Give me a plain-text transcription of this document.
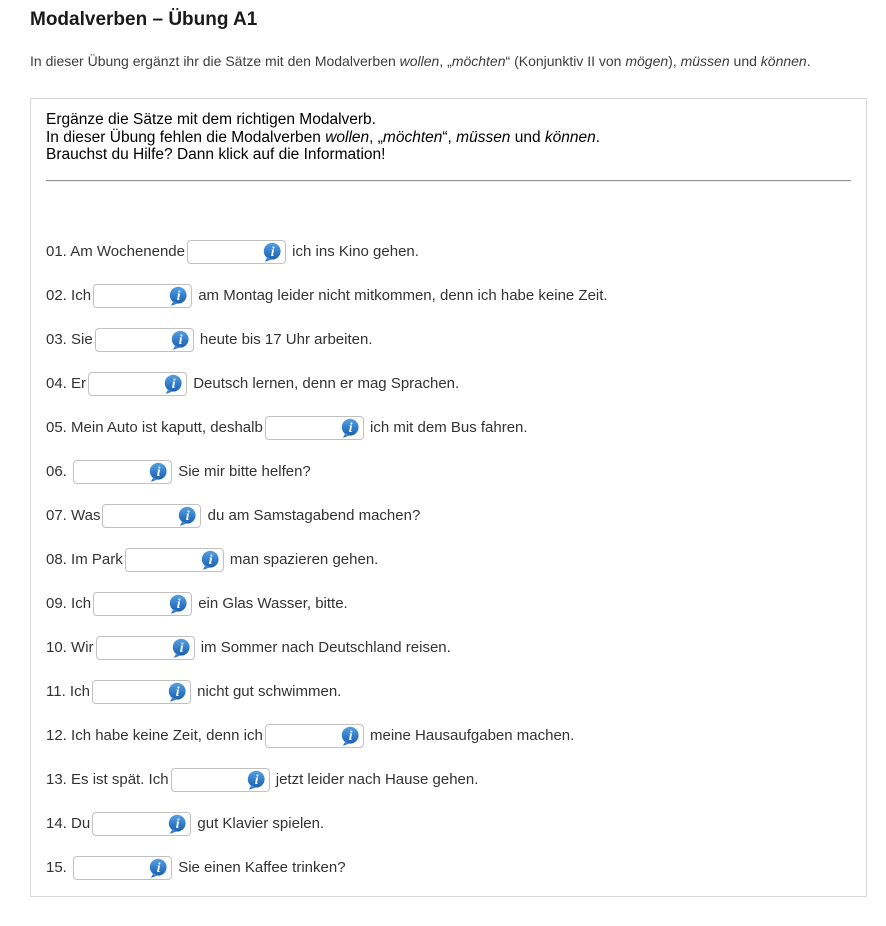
Modalverben – Übung A1

In dieser Übung ergänzt ihr die Sätze mit den Modalverben wollen, „möchten“ (Konjunktiv II von mögen), müssen und können.

Ergänze die Sätze mit dem richtigen Modalverb.
In dieser Übung fehlen die Modalverben wollen, „möchten“, müssen und können.
Brauchst du Hilfe? Dann klick auf die Information!
01. Am Wochenende	i ich ins Kino gehen.
02. Ich	i am Montag leider nicht mitkommen, denn ich habe keine Zeit.
03. Sie	i heute bis 17 Uhr arbeiten.
04. Er	i Deutsch lernen, denn er mag Sprachen.
05. Mein Auto ist kaputt, deshalb	i ich mit dem Bus fahren.
06.	i Sie mir bitte helfen?
07. Was	i du am Samstagabend machen?
08. Im Park	i man spazieren gehen.
09. Ich	i ein Glas Wasser, bitte.
10. Wir	i im Sommer nach Deutschland reisen.
11. Ich	i nicht gut schwimmen.
12. Ich habe keine Zeit, denn ich	i meine Hausaufgaben machen.
13. Es ist spät. Ich	i jetzt leider nach Hause gehen.
14. Du	i gut Klavier spielen.
15.	i Sie einen Kaffee trinken?
